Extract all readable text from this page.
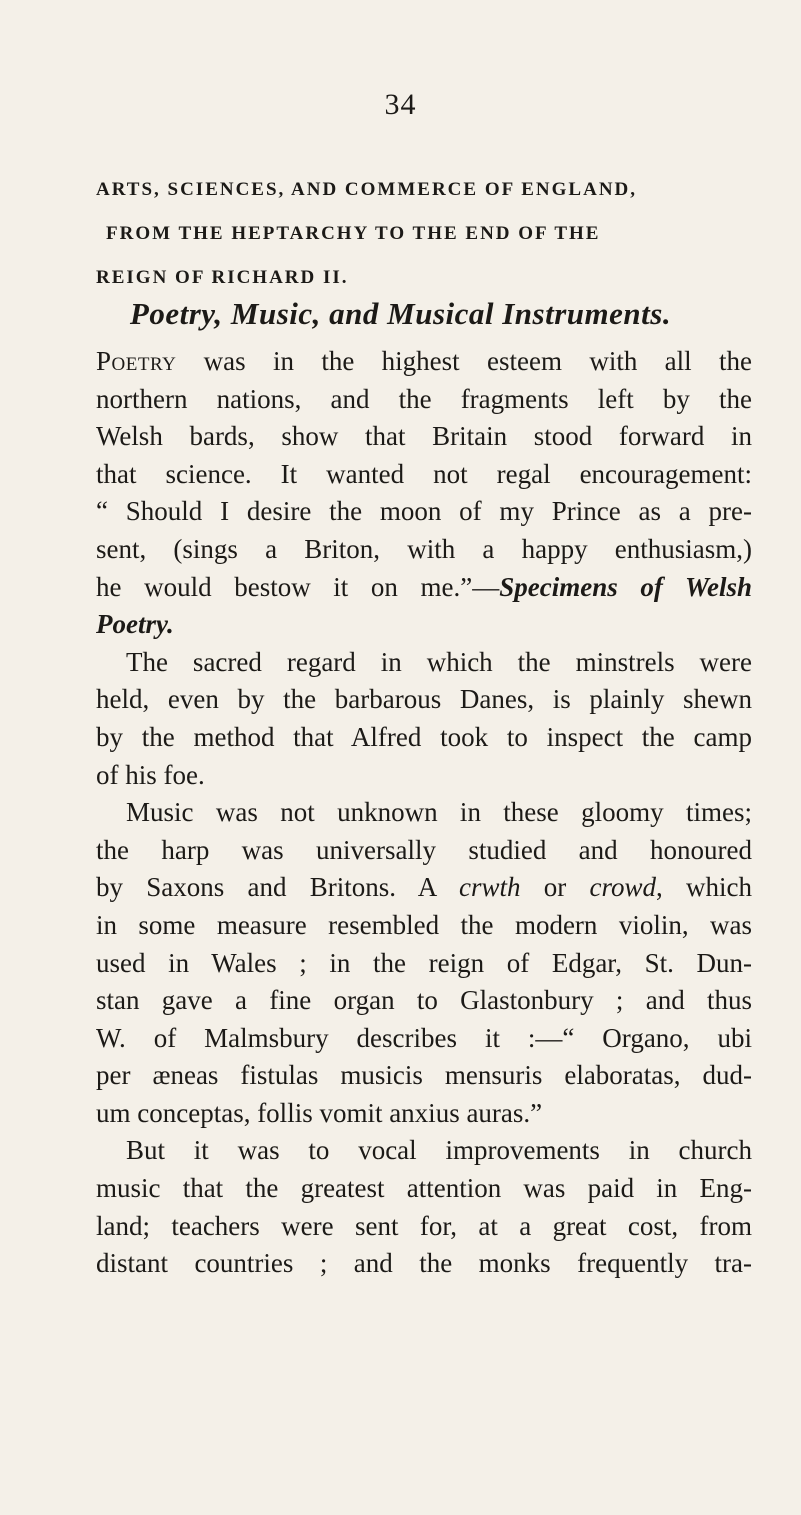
34
ARTS, SCIENCES, AND COMMERCE OF ENGLAND,
FROM THE HEPTARCHY TO THE END OF THE
REIGN OF RICHARD II.
Poetry, Music, and Musical Instruments.
Poetry was in the highest esteem with all the
northern nations, and the fragments left by the
Welsh bards, show that Britain stood forward in
that science. It wanted not regal encouragement:
“ Should I desire the moon of my Prince as a pre-
sent, (sings a Briton, with a happy enthusiasm,)
he would bestow it on me.”—Specimens of Welsh
Poetry.
The sacred regard in which the minstrels were
held, even by the barbarous Danes, is plainly shewn
by the method that Alfred took to inspect the camp
of his foe.
Music was not unknown in these gloomy times;
the harp was universally studied and honoured
by Saxons and Britons. A crwth or crowd, which
in some measure resembled the modern violin, was
used in Wales ; in the reign of Edgar, St. Dun-
stan gave a fine organ to Glastonbury ; and thus
W. of Malmsbury describes it :—“ Organo, ubi
per æneas fistulas musicis mensuris elaboratas, dud-
um conceptas, follis vomit anxius auras.”
But it was to vocal improvements in church
music that the greatest attention was paid in Eng-
land; teachers were sent for, at a great cost, from
distant countries ; and the monks frequently tra-
